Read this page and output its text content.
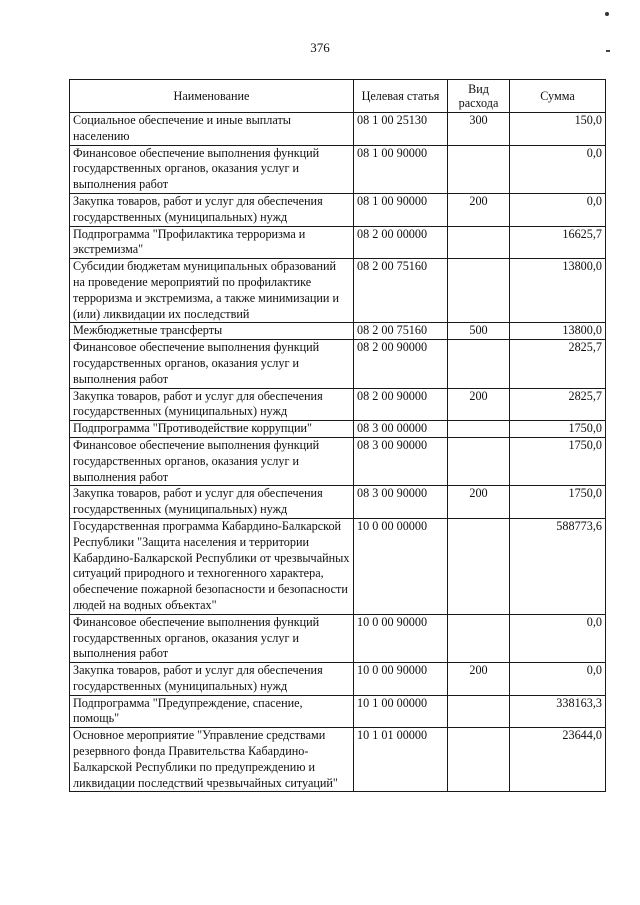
376
Наименование	Целевая статья	Вид расхода	Сумма
Социальное обеспечение и иные выплаты населению	08 1 00 25130	300	150,0
Финансовое обеспечение выполнения функций государственных органов, оказания услуг и выполнения работ	08 1 00 90000		0,0
Закупка товаров, работ и услуг для обеспечения государственных (муниципальных) нужд	08 1 00 90000	200	0,0
Подпрограмма "Профилактика терроризма и экстремизма"	08 2 00 00000		16625,7
Субсидии бюджетам муниципальных образований на проведение мероприятий по профилактике терроризма и экстремизма, а также минимизации и (или) ликвидации их последствий	08 2 00 75160		13800,0
Межбюджетные трансферты	08 2 00 75160	500	13800,0
Финансовое обеспечение выполнения функций государственных органов, оказания услуг и выполнения работ	08 2 00 90000		2825,7
Закупка товаров, работ и услуг для обеспечения государственных (муниципальных) нужд	08 2 00 90000	200	2825,7
Подпрограмма "Противодействие коррупции"	08 3 00 00000		1750,0
Финансовое обеспечение выполнения функций государственных органов, оказания услуг и выполнения работ	08 3 00 90000		1750,0
Закупка товаров, работ и услуг для обеспечения государственных (муниципальных) нужд	08 3 00 90000	200	1750,0
Государственная программа Кабардино-Балкарской Республики "Защита населения и территории Кабардино-Балкарской Республики от чрезвычайных ситуаций природного и техногенного характера, обеспечение пожарной безопасности и безопасности людей на водных объектах"	10 0 00 00000		588773,6
Финансовое обеспечение выполнения функций государственных органов, оказания услуг и выполнения работ	10 0 00 90000		0,0
Закупка товаров, работ и услуг для обеспечения государственных (муниципальных) нужд	10 0 00 90000	200	0,0
Подпрограмма "Предупреждение, спасение, помощь"	10 1 00 00000		338163,3
Основное мероприятие "Управление средствами резервного фонда Правительства Кабардино-Балкарской Республики по предупреждению и ликвидации последствий чрезвычайных ситуаций"	10 1 01 00000		23644,0
